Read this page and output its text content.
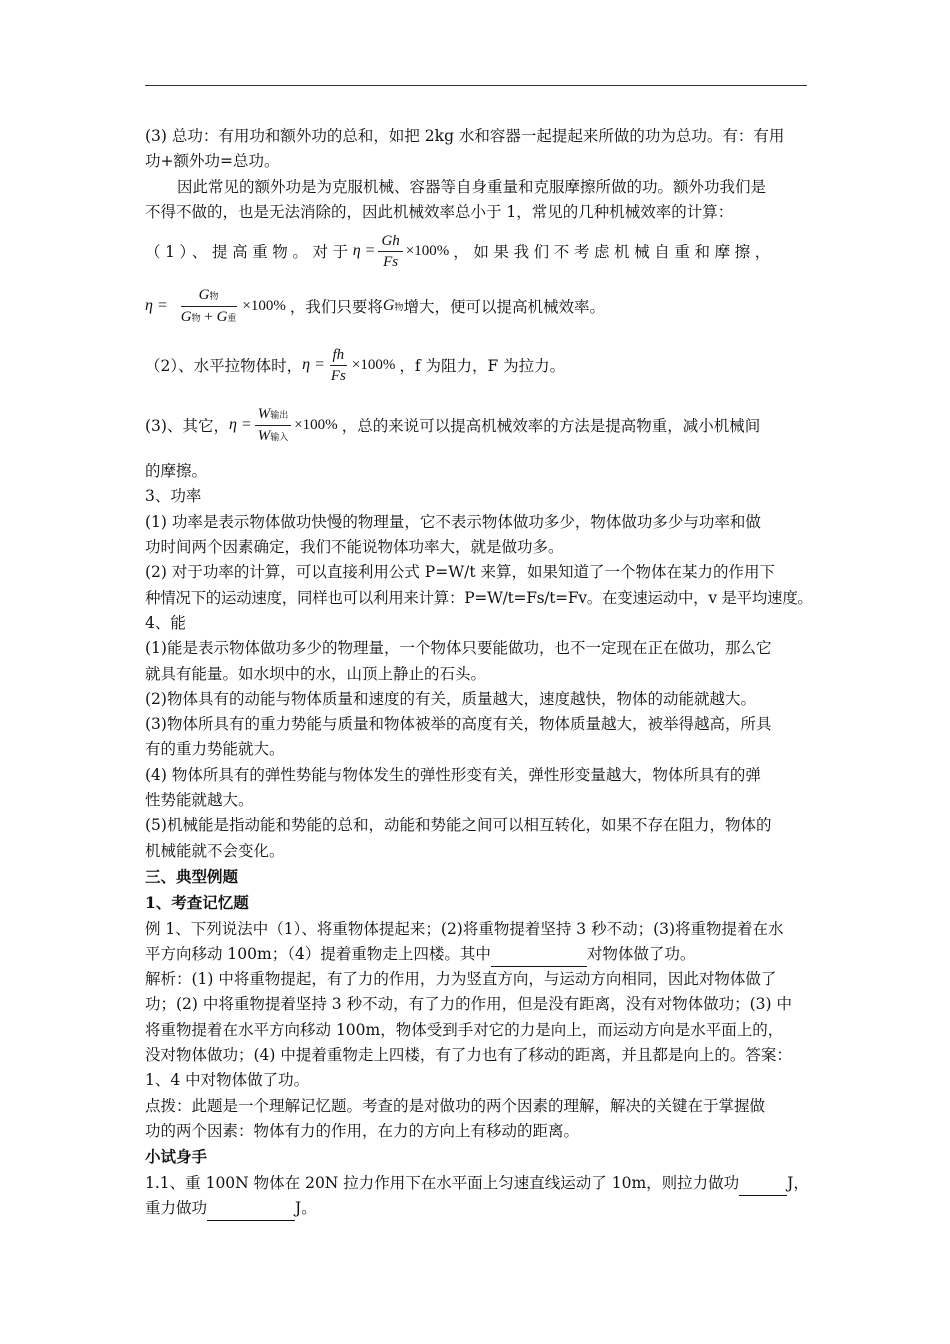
(3) 总功：有用功和额外功的总和，如把 2kg 水和容器一起提起来所做的功为总功。有：有用
功+额外功=总功。
因此常见的额外功是为克服机械、容器等自身重量和克服摩擦所做的功。额外功我们是
不得不做的，也是无法消除的，因此机械效率总小于 1，常见的几种机械效率的计算：
（1）、提高重物。对于 $\eta = \frac{Gh}{Fs} \times 100\%$ ，如果我们不考虑机械自重和摩擦，
$\eta = \frac{\text{G物}}{\text{G物 + G重}} \times 100\%$ ，我们只要将 G 物 增大，便可以提高机械效率。
（2）、水平拉物体时， $\eta = \frac{fh}{Fs} \times 100\%$ ，f 为阻力，F 为拉力。
(3)、其它， $\eta = \frac{\text{W输出}}{\text{W输入}} \times 100\%$ ，总的来说可以提高机械效率的方法是提高物重，减小机械间
的摩擦。
3、功率
(1) 功率是表示物体做功快慢的物理量，它不表示物体做功多少，物体做功多少与功率和做
功时间两个因素确定，我们不能说物体功率大，就是做功多。
(2) 对于功率的计算，可以直接利用公式 P=W/t 来算，如果知道了一个物体在某力的作用下
种情况下的运动速度，同样也可以利用来计算：P=W/t=Fs/t=Fv。在变速运动中，v 是平均速度。
4、能
(1)能是表示物体做功多少的物理量，一个物体只要能做功，也不一定现在正在做功，那么它
就具有能量。如水坝中的水，山顶上静止的石头。
(2)物体具有的动能与物体质量和速度的有关，质量越大，速度越快，物体的动能就越大。
(3)物体所具有的重力势能与质量和物体被举的高度有关，物体质量越大，被举得越高，所具
有的重力势能就大。
(4) 物体所具有的弹性势能与物体发生的弹性形变有关，弹性形变量越大，物体所具有的弹
性势能就越大。
(5)机械能是指动能和势能的总和，动能和势能之间可以相互转化，如果不存在阻力，物体的
机械能就不会变化。
三、典型例题
1、考查记忆题
例 1、下列说法中（1）、将重物体提起来；(2)将重物提着坚持 3 秒不动；(3)将重物提着在水
平方向移动 100m；（4）提着重物走上四楼。其中	对物体做了功。
解析：(1) 中将重物提起，有了力的作用，力为竖直方向，与运动方向相同，因此对物体做了
功；(2) 中将重物提着坚持 3 秒不动，有了力的作用，但是没有距离，没有对物体做功；(3) 中
将重物提着在水平方向移动 100m，物体受到手对它的力是向上，而运动方向是水平面上的，
没对物体做功；(4) 中提着重物走上四楼，有了力也有了移动的距离，并且都是向上的。答案：
1、4 中对物体做了功。
点拨：此题是一个理解记忆题。考查的是对做功的两个因素的理解，解决的关键在于掌握做
功的两个因素：物体有力的作用，在力的方向上有移动的距离。
小试身手
1.1、重 100N 物体在 20N 拉力作用下在水平面上匀速直线运动了 10m，则拉力做功	J，
重力做功	J。
